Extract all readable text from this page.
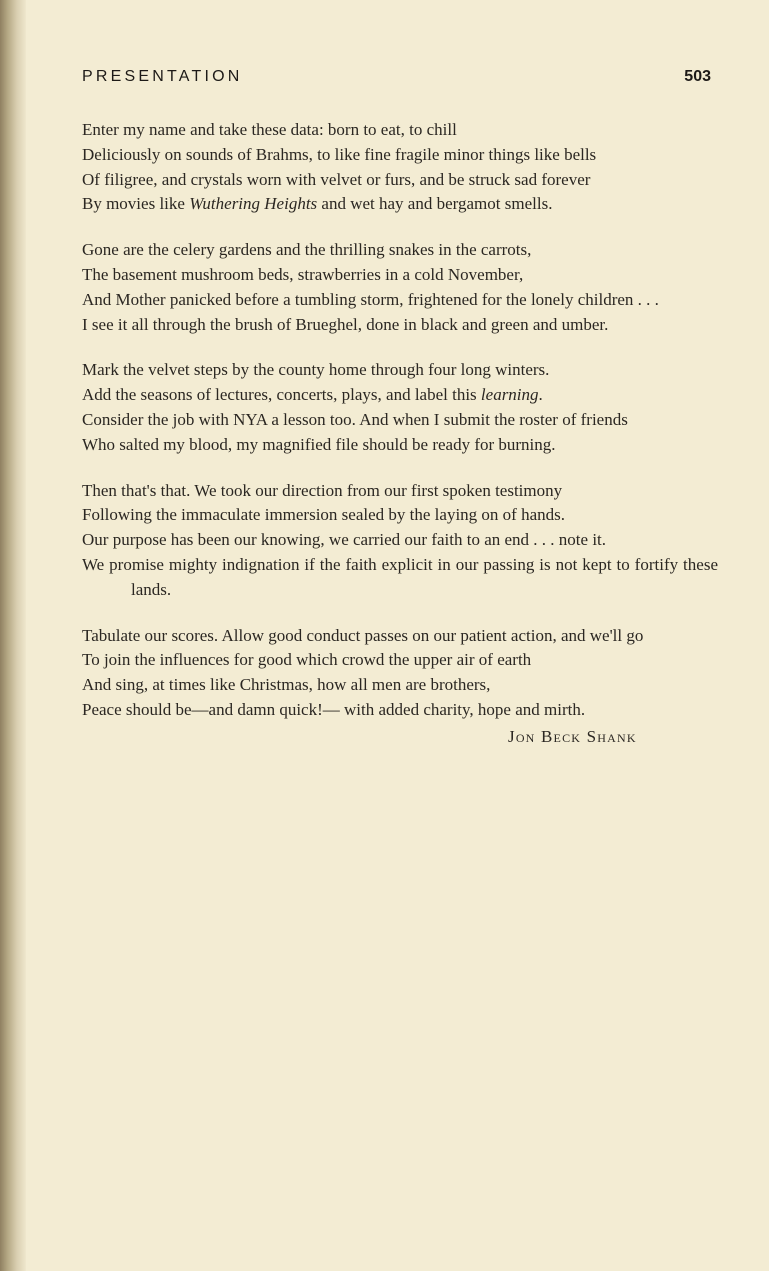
PRESENTATION	503
Enter my name and take these data: born to eat, to chill
Deliciously on sounds of Brahms, to like fine fragile minor things like bells
Of filigree, and crystals worn with velvet or furs, and be struck sad forever
By movies like Wuthering Heights and wet hay and bergamot smells.
Gone are the celery gardens and the thrilling snakes in the carrots,
The basement mushroom beds, strawberries in a cold November,
And Mother panicked before a tumbling storm, frightened for the lonely children . . .
I see it all through the brush of Brueghel, done in black and green and umber.
Mark the velvet steps by the county home through four long winters.
Add the seasons of lectures, concerts, plays, and label this learning.
Consider the job with NYA a lesson too. And when I submit the roster of friends
Who salted my blood, my magnified file should be ready for burning.
Then that's that. We took our direction from our first spoken testimony
Following the immaculate immersion sealed by the laying on of hands.
Our purpose has been our knowing, we carried our faith to an end . . . note it.
We promise mighty indignation if the faith explicit in our passing is not kept to fortify these lands.
Tabulate our scores. Allow good conduct passes on our patient action, and we'll go
To join the influences for good which crowd the upper air of earth
And sing, at times like Christmas, how all men are brothers,
Peace should be—and damn quick!— with added charity, hope and mirth.
Jon Beck Shank
